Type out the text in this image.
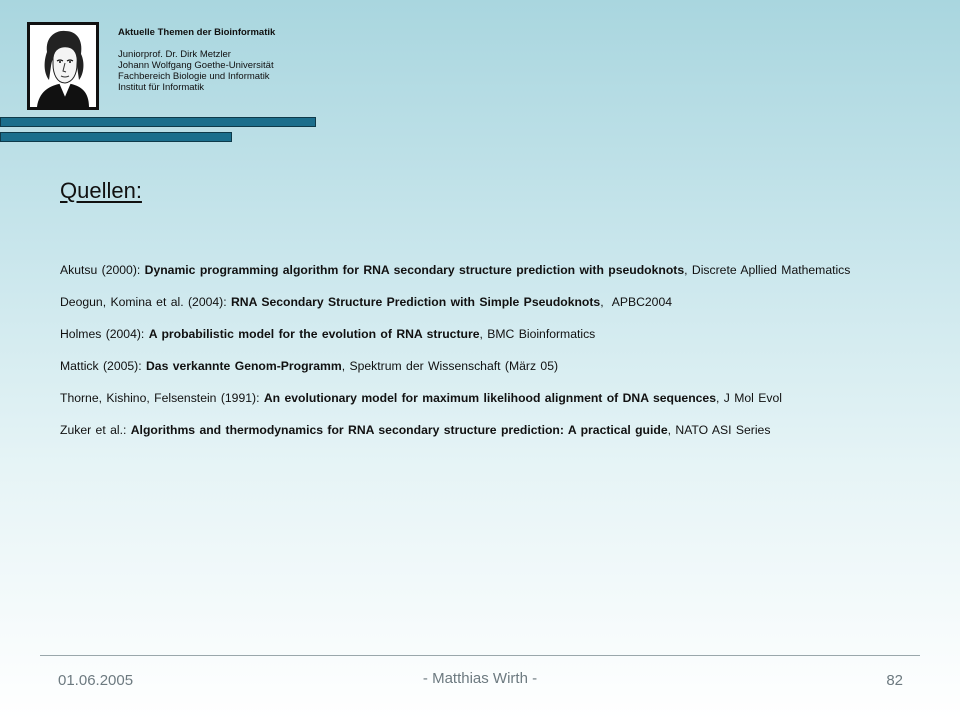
Aktuelle Themen der Bioinformatik
Juniorprof. Dr. Dirk Metzler
Johann Wolfgang Goethe-Universität
Fachbereich Biologie und Informatik
Institut für Informatik
Quellen:
Akutsu (2000): Dynamic programming algorithm for RNA secondary structure prediction with pseudoknots, Discrete Apllied Mathematics
Deogun, Komina et al. (2004): RNA Secondary Structure Prediction with Simple Pseudoknots,  APBC2004
Holmes (2004): A probabilistic model for the evolution of RNA structure, BMC Bioinformatics
Mattick (2005): Das verkannte Genom-Programm, Spektrum der Wissenschaft (März 05)
Thorne, Kishino, Felsenstein (1991): An evolutionary model for maximum likelihood alignment of DNA sequences, J Mol Evol
Zuker et al.: Algorithms and thermodynamics for RNA secondary structure prediction: A practical guide, NATO ASI Series
01.06.2005	- Matthias Wirth -	82
